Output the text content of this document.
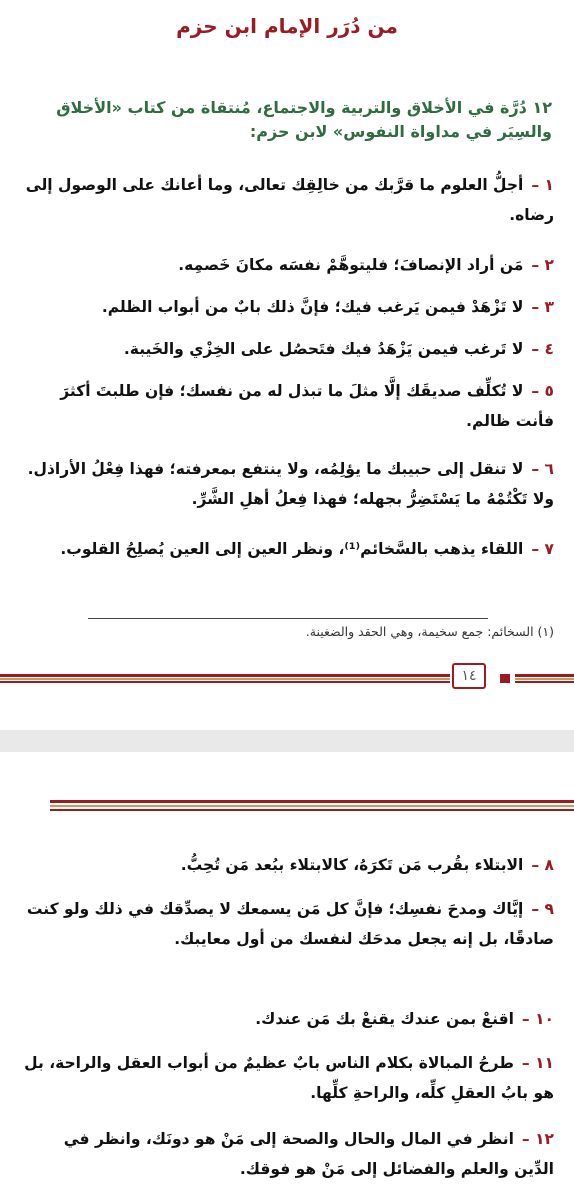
من دُرَر الإمام ابن حزم
١٢ دُرَّة في الأخلاق والتربية والاجتماع، مُنتقاة من كتاب «الأخلاق والسِيَر في مداواة النفوس» لابن حزم:
١ –أجلُّ العلوم ما قرَّبك من خالِقِك تعالى، وما أعانك على الوصول إلى رضاه.
٢ –مَن أراد الإنصافَ؛ فليتوهَّمْ نفسَه مكانَ خَصمِه.
٣ –لا تَزْهَدْ فيمن يَرغب فيك؛ فإنَّ ذلك بابٌ من أبواب الظلم.
٤ –لا تَرغب فيمن يَزْهَدُ فيك فتَحصُل على الخِزْي والخَيبة.
٥ –لا تُكلِّف صديقَك إلَّا مثلَ ما تبذل له من نفسك؛ فإن طلبتَ أكثرَ فأنت ظالم.
٦ –لا تنقل إلى حبيبك ما يؤلِمُه، ولا ينتفع بمعرفته؛ فهذا فِعْلُ الأراذل. ولا تَكْتُمْهُ ما يَسْتَضِرُّ بجهله؛ فهذا فِعلُ أهلِ الشَّرِّ.
٧ –اللقاء يذهب بالسَّخائم⁽¹⁾، ونظر العين إلى العين يُصلِحُ القلوب.
(١) السخائم: جمع سخيمة، وهي الحقد والضغينة.
١٤
٨ –الابتلاء بقُرب مَن تَكرَهُ، كالابتلاء ببُعد مَن تُحِبُّ.
٩ –إيَّاك ومدحَ نفسِك؛ فإنَّ كل مَن يسمعك لا يصدِّقك في ذلك ولو كنت صادقًا، بل إنه يجعل مدحَك لنفسك من أول معايبك.
١٠ –اقنعْ بمن عندك يقنعْ بك مَن عندك.
١١ –طرحُ المبالاة بكلام الناس بابٌ عظيمٌ من أبواب العقل والراحة، بل هو بابُ العقلِ كلِّه، والراحةِ كلِّها.
١٢ –انظر في المال والحال والصحة إلى مَنْ هو دونَك، وانظر في الدِّين والعلم والفضائل إلى مَنْ هو فوقك.
